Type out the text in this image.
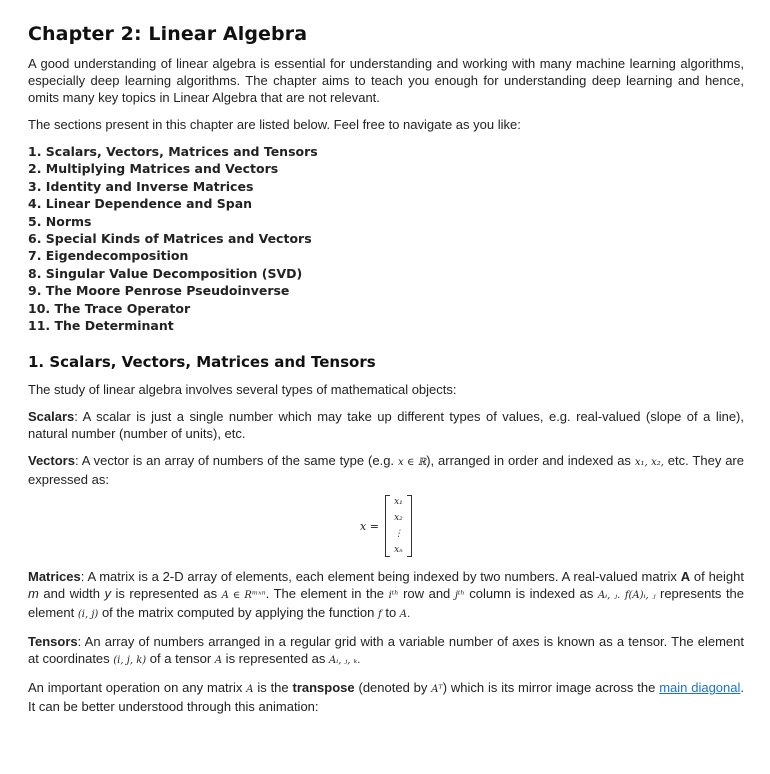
Chapter 2: Linear Algebra

A good understanding of linear algebra is essential for understanding and working with many machine learning algorithms, especially deep learning algorithms. The chapter aims to teach you enough for understanding deep learning and hence, omits many key topics in Linear Algebra that are not relevant.

The sections present in this chapter are listed below. Feel free to navigate as you like:

1. Scalars, Vectors, Matrices and Tensors
2. Multiplying Matrices and Vectors
3. Identity and Inverse Matrices
4. Linear Dependence and Span
5. Norms
6. Special Kinds of Matrices and Vectors
7. Eigendecomposition
8. Singular Value Decomposition (SVD)
9. The Moore Penrose Pseudoinverse
10. The Trace Operator
11. The Determinant
1. Scalars, Vectors, Matrices and Tensors

The study of linear algebra involves several types of mathematical objects:

Scalars: A scalar is just a single number which may take up different types of values, e.g. real-valued (slope of a line), natural number (number of units), etc.

Vectors: A vector is an array of numbers of the same type (e.g. x ∈ ℝ), arranged in order and indexed as x₁, x₂, etc. They are expressed as:

x =
x₁
x₂
⋮
xₙ

Matrices: A matrix is a 2-D array of elements, each element being indexed by two numbers. A real-valued matrix A of height m and width y is represented as A ∈ Rᵐˣⁿ. The element in the iᵗʰ row and jᵗʰ column is indexed as Aᵢ, ⱼ. f(A)ᵢ, ⱼ represents the element (i, j) of the matrix computed by applying the function f to A.

Tensors: An array of numbers arranged in a regular grid with a variable number of axes is known as a tensor. The element at coordinates (i, j, k) of a tensor A is represented as Aᵢ, ⱼ, ₖ.

An important operation on any matrix A is the transpose (denoted by Aᵀ) which is its mirror image across the main diagonal. It can be better understood through this animation:
